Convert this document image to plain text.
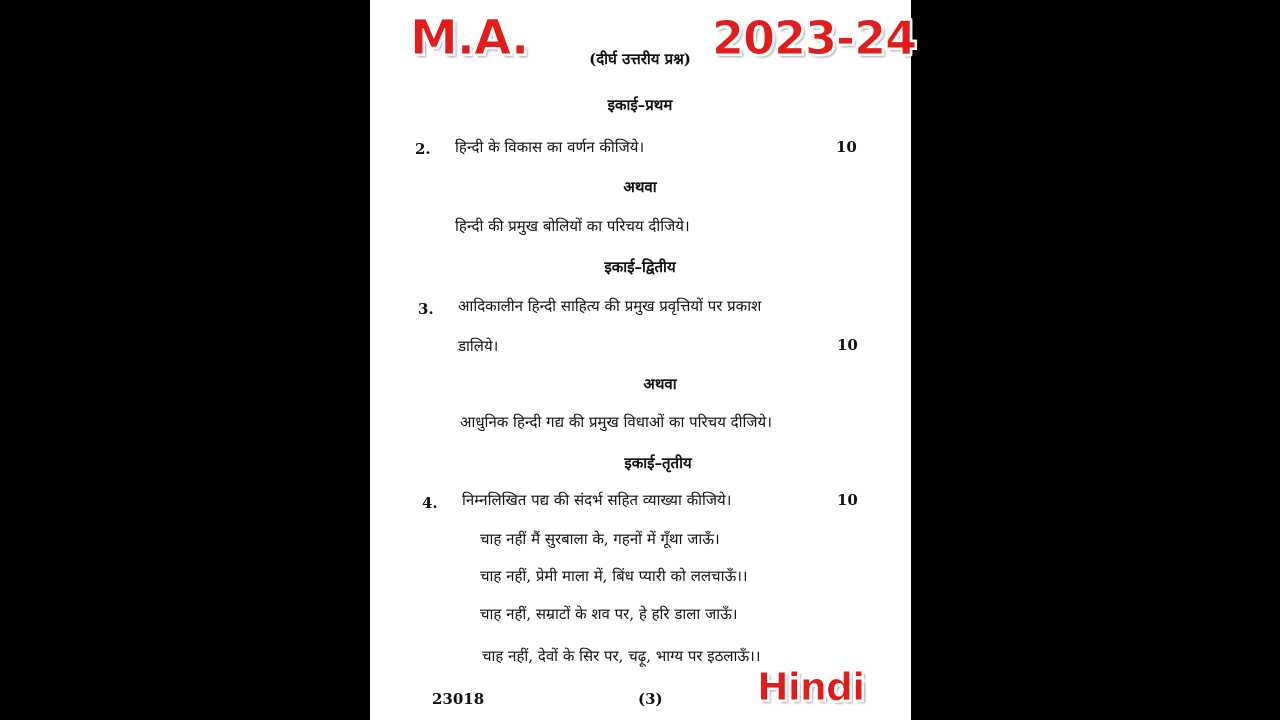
(दीर्घ उत्तरीय प्रश्न)
इकाई–प्रथम
2. हिन्दी के विकास का वर्णन कीजिये।	10
अथवा
हिन्दी की प्रमुख बोलियों का परिचय दीजिये।
इकाई–द्वितीय
3. आदिकालीन हिन्दी साहित्य की प्रमुख प्रवृत्तियों पर प्रकाश
डालिये।	10
अथवा
आधुनिक हिन्दी गद्य की प्रमुख विधाओं का परिचय दीजिये।
इकाई–तृतीय
4. निम्नलिखित पद्य की संदर्भ सहित व्याख्या कीजिये।	10
चाह नहीं मैं सुरबाला के, गहनों में गूँथा जाऊँ।
चाह नहीं, प्रेमी माला में, बिंध प्यारी को ललचाऊँ।।
चाह नहीं, सम्राटों के शव पर, हे हरि डाला जाऊँ।
चाह नहीं, देवों के सिर पर, चढ़ू, भाग्य पर इठलाऊँ।।
23018	(3)
M.A.	2023-24
Hindi
